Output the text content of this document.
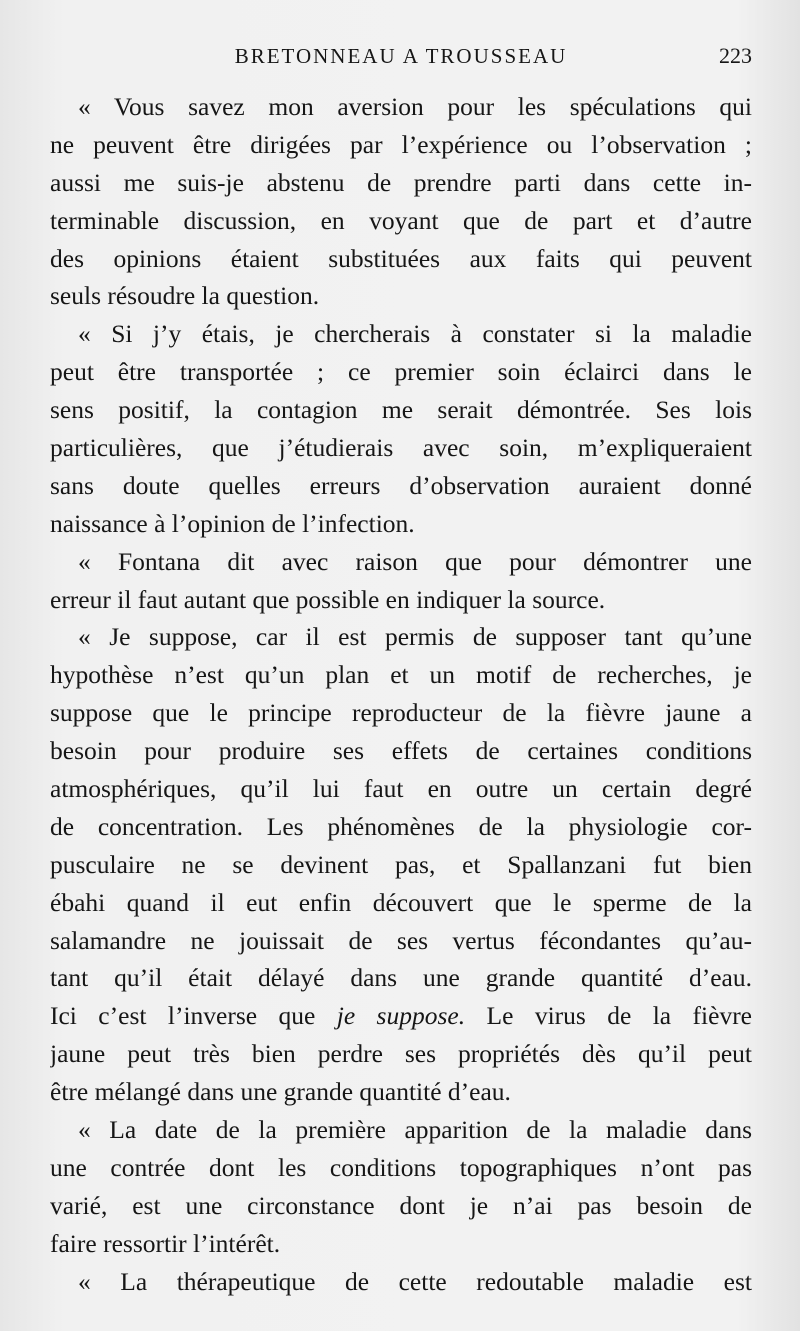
BRETONNEAU A TROUSSEAU	223
« Vous savez mon aversion pour les spéculations qui
ne peuvent être dirigées par l’expérience ou l’observation ;
aussi me suis-je abstenu de prendre parti dans cette in-
terminable discussion, en voyant que de part et d’autre
des opinions étaient substituées aux faits qui peuvent
seuls résoudre la question.
« Si j’y étais, je chercherais à constater si la maladie
peut être transportée ; ce premier soin éclairci dans le
sens positif, la contagion me serait démontrée. Ses lois
particulières, que j’étudierais avec soin, m’expliqueraient
sans doute quelles erreurs d’observation auraient donné
naissance à l’opinion de l’infection.
« Fontana dit avec raison que pour démontrer une
erreur il faut autant que possible en indiquer la source.
« Je suppose, car il est permis de supposer tant qu’une
hypothèse n’est qu’un plan et un motif de recherches, je
suppose que le principe reproducteur de la fièvre jaune a
besoin pour produire ses effets de certaines conditions
atmosphériques, qu’il lui faut en outre un certain degré
de concentration. Les phénomènes de la physiologie cor-
pusculaire ne se devinent pas, et Spallanzani fut bien
ébahi quand il eut enfin découvert que le sperme de la
salamandre ne jouissait de ses vertus fécondantes qu’au-
tant qu’il était délayé dans une grande quantité d’eau.
Ici c’est l’inverse que je suppose. Le virus de la fièvre
jaune peut très bien perdre ses propriétés dès qu’il peut
être mélangé dans une grande quantité d’eau.
« La date de la première apparition de la maladie dans
une contrée dont les conditions topographiques n’ont pas
varié, est une circonstance dont je n’ai pas besoin de
faire ressortir l’intérêt.
« La thérapeutique de cette redoutable maladie est
